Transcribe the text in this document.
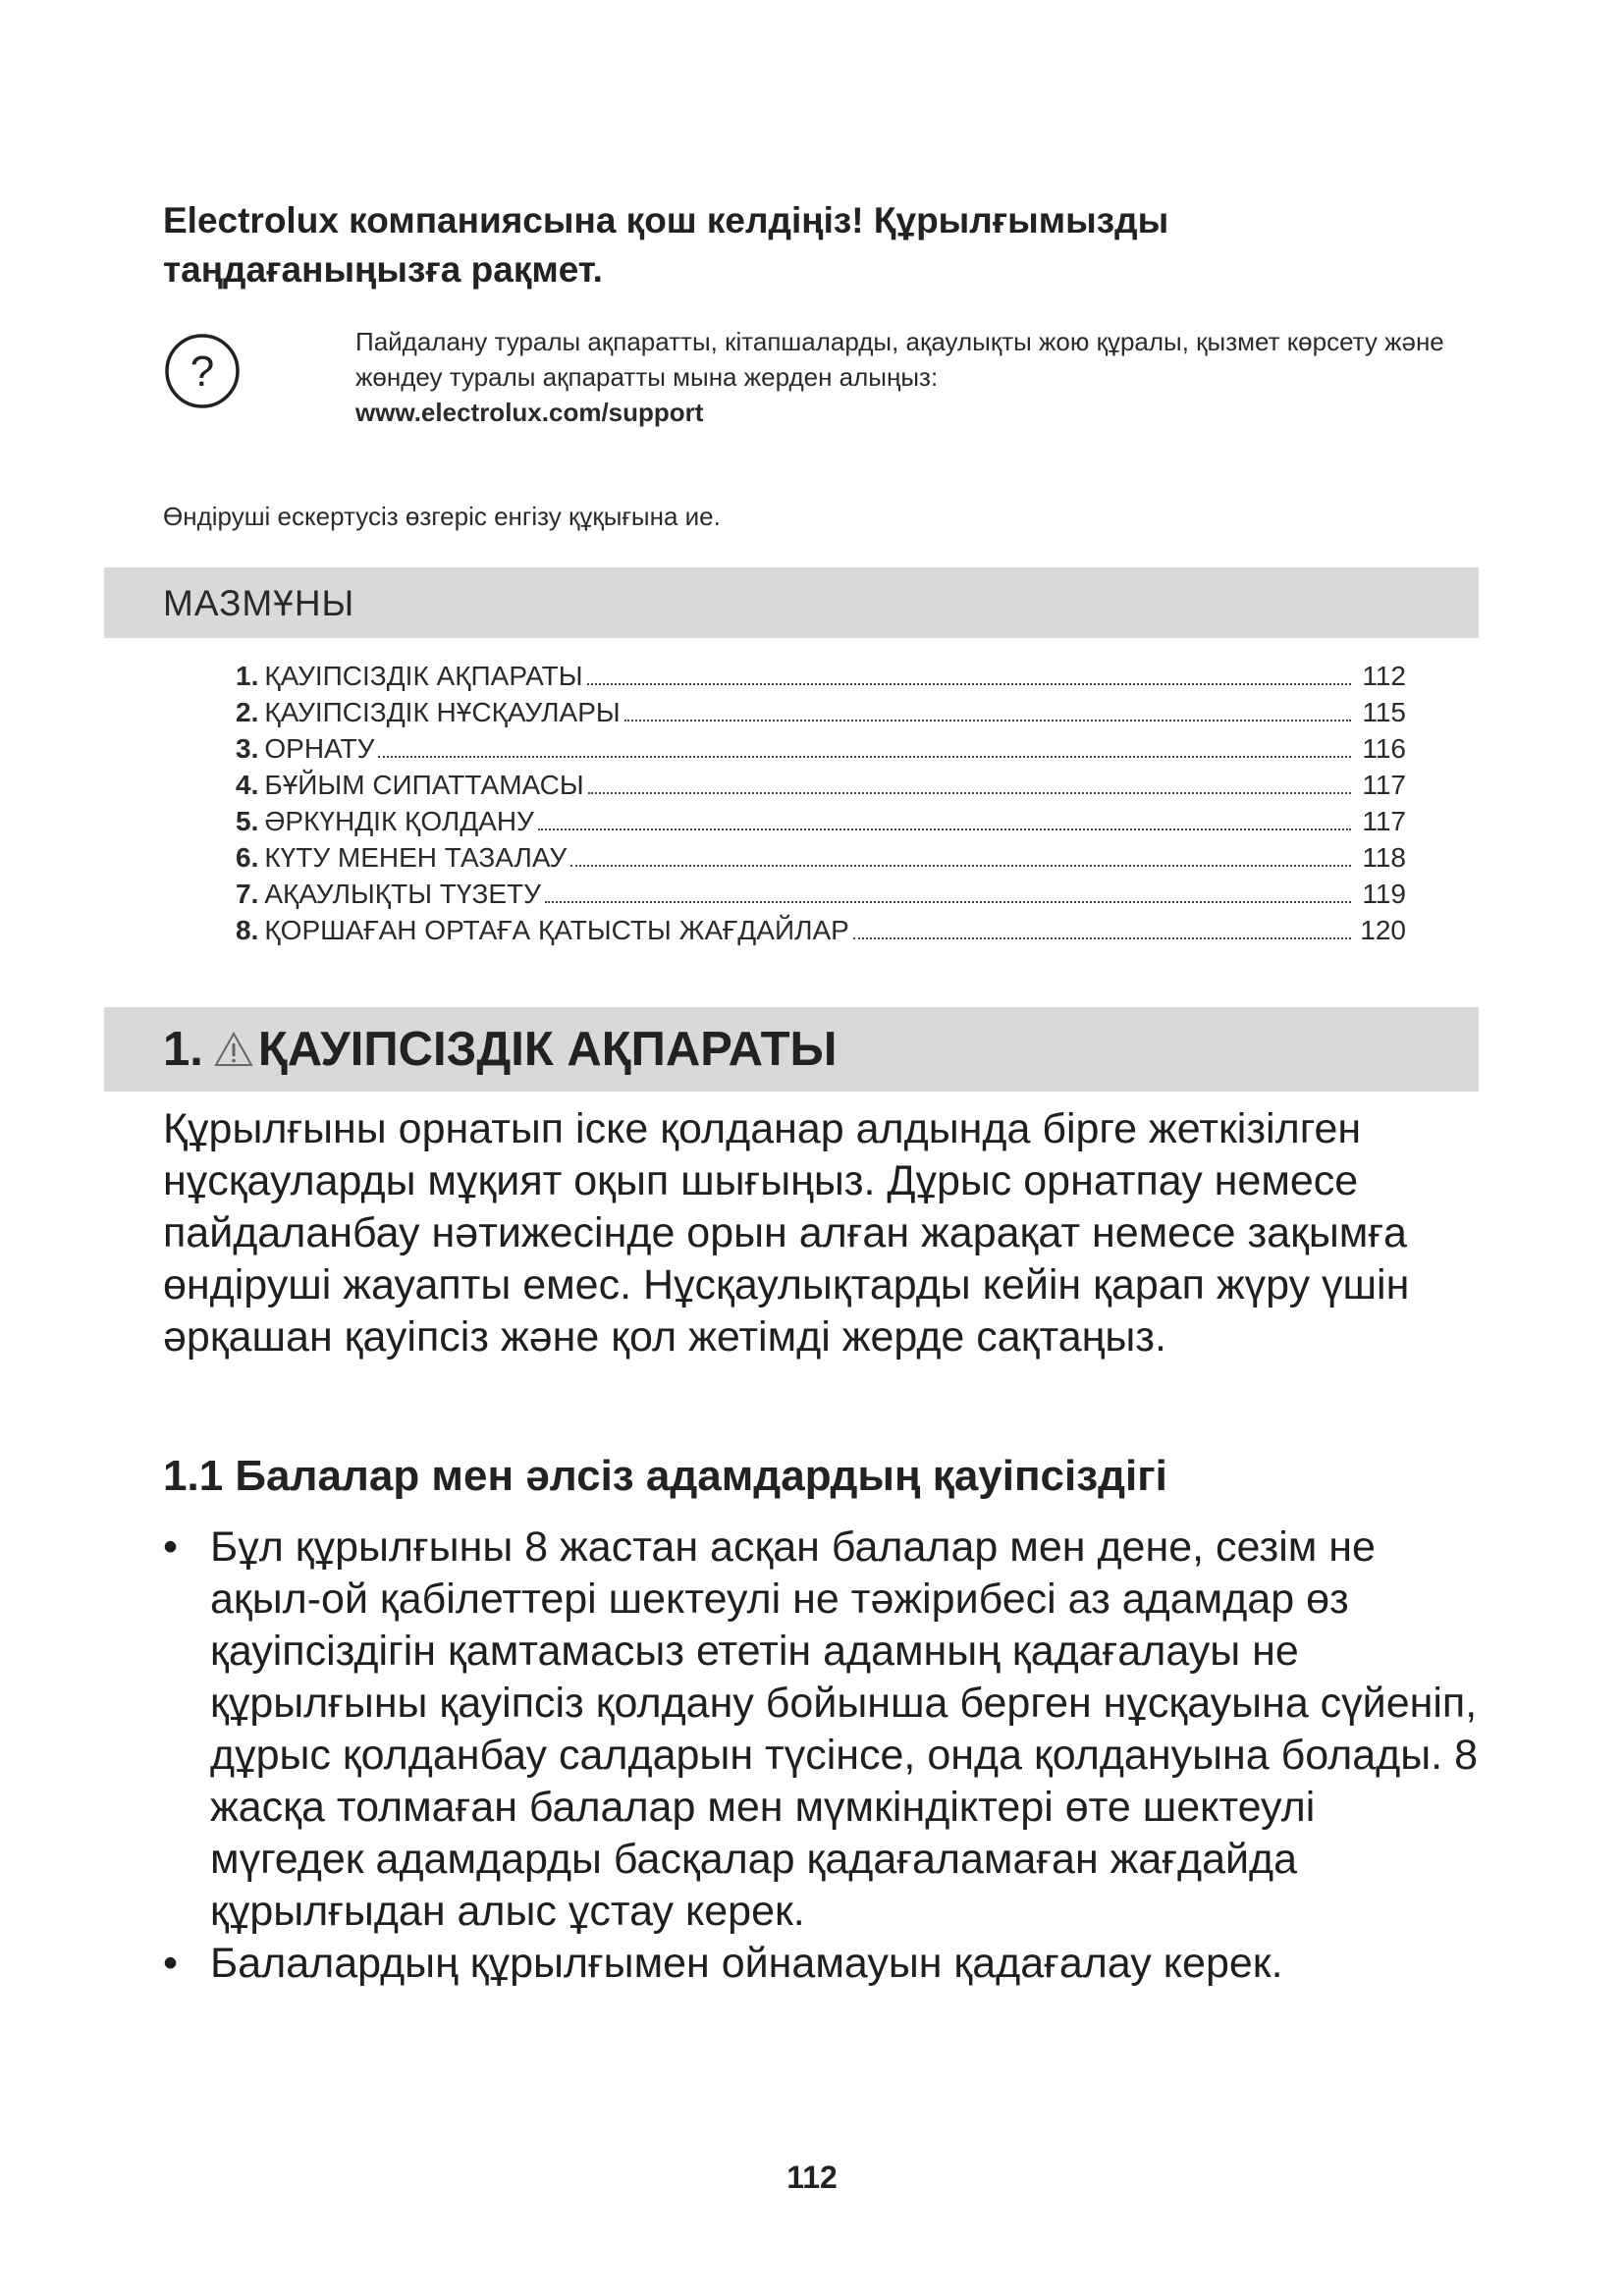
Electrolux компаниясына қош келдіңіз! Құрылғымызды таңдағаныңызға рақмет.
?
Пайдалану туралы ақпаратты, кітапшаларды, ақаулықты жою құралы, қызмет көрсету және жөндеу туралы ақпаратты мына жерден алыңыз:
www.electrolux.com/support
Өндіруші ескертусіз өзгеріс енгізу құқығына ие.
МАЗМҰНЫ
1. ҚАУІПСІЗДІК АҚПАРАТЫ	112
2. ҚАУІПСІЗДІК НҰСҚАУЛАРЫ	115
3. ОРНАТУ	116
4. БҰЙЫМ СИПАТТАМАСЫ	117
5. ӘРКҮНДІК ҚОЛДАНУ	117
6. КҮТУ МЕНЕН ТАЗАЛАУ	118
7. АҚАУЛЫҚТЫ ТҮЗЕТУ	119
8. ҚОРШАҒАН ОРТАҒА ҚАТЫСТЫ ЖАҒДАЙЛАР	120
1. ҚАУІПСІЗДІК АҚПАРАТЫ

Құрылғыны орнатып іске қолданар алдында бірге жеткізілген нұсқауларды мұқият оқып шығыңыз. Дұрыс орнатпау немесе пайдаланбау нәтижесінде орын алған жарақат немесе зақымға өндіруші жауапты емес. Нұсқаулықтарды кейін қарап жүру үшін әрқашан қауіпсіз және қол жетімді жерде сақтаңыз.

1.1 Балалар мен әлсіз адамдардың қауіпсіздігі
• Бұл құрылғыны 8 жастан асқан балалар мен дене, сезім не ақыл-ой қабілеттері шектеулі не тәжірибесі аз адамдар өз қауіпсіздігін қамтамасыз ететін адамның қадағалауы не құрылғыны қауіпсіз қолдану бойынша берген нұсқауына сүйеніп, дұрыс қолданбау салдарын түсінсе, онда қолдануына болады. 8 жасқа толмаған балалар мен мүмкіндіктері өте шектеулі мүгедек адамдарды басқалар қадағаламаған жағдайда құрылғыдан алыс ұстау керек.
• Балалардың құрылғымен ойнамауын қадағалау керек.
112
